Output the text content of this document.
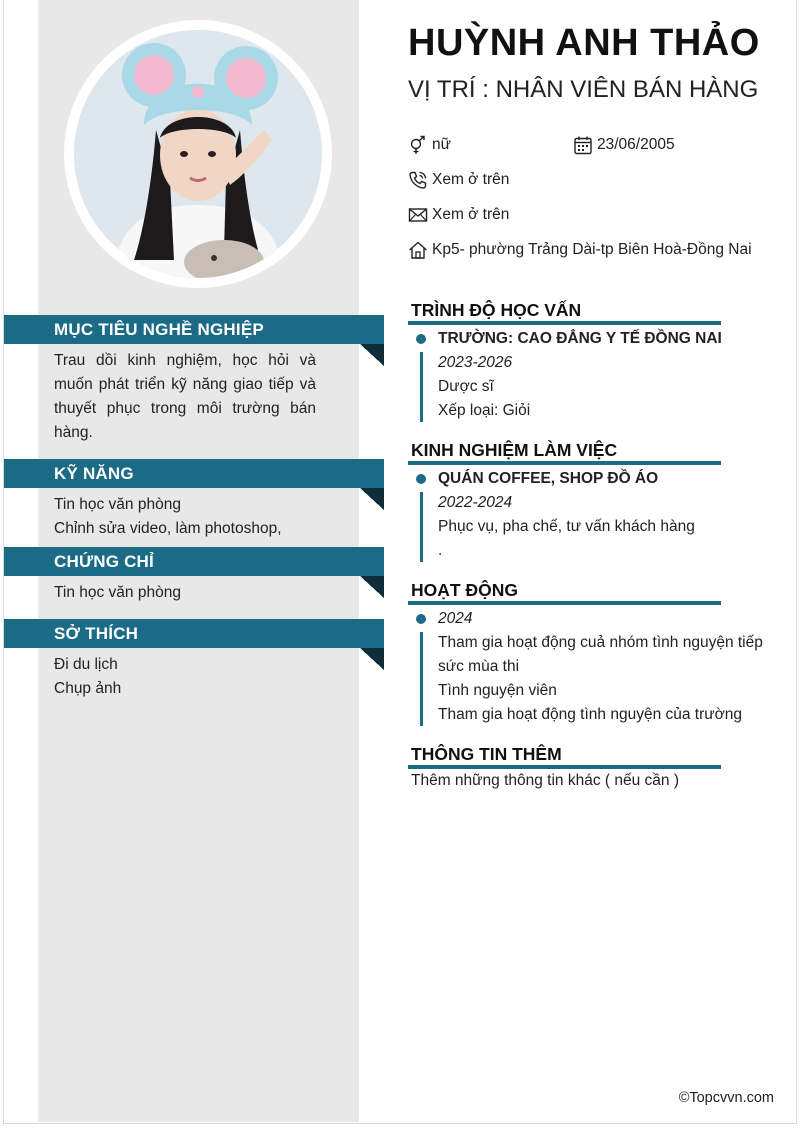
MỤC TIÊU NGHỀ NGHIỆP
Trau dồi kinh nghiệm, học hỏi và muốn phát triển kỹ năng giao tiếp và thuyết phục trong môi trường bán hàng.
KỸ NĂNG
Tin học văn phòng
Chỉnh sửa video, làm photoshop,
CHỨNG CHỈ
Tin học văn phòng
SỞ THÍCH
Đi du lịch
Chụp ảnh
HUỲNH ANH THẢO
VỊ TRÍ : NHÂN VIÊN BÁN HÀNG
nữ	23/06/2005
Xem ở trên
Xem ở trên
Kp5- phường Trảng Dài-tp Biên Hoà-Đồng Nai
TRÌNH ĐỘ HỌC VẤN
TRƯỜNG: CAO ĐẲNG Y TẾ ĐỒNG NAI
2023-2026
Dược sĩ
Xếp loại: Giỏi
KINH NGHIỆM LÀM VIỆC
QUÁN COFFEE, SHOP ĐỒ ÁO
2022-2024
Phục vụ, pha chế, tư vấn khách hàng
.
HOẠT ĐỘNG
2024
Tham gia hoạt động cuả nhóm tình nguyện tiếp
sức mùa thi
Tình nguyện viên
Tham gia hoạt động tình nguyện của trường
THÔNG TIN THÊM
Thêm những thông tin khác ( nếu cần )
©Topcvvn.com
